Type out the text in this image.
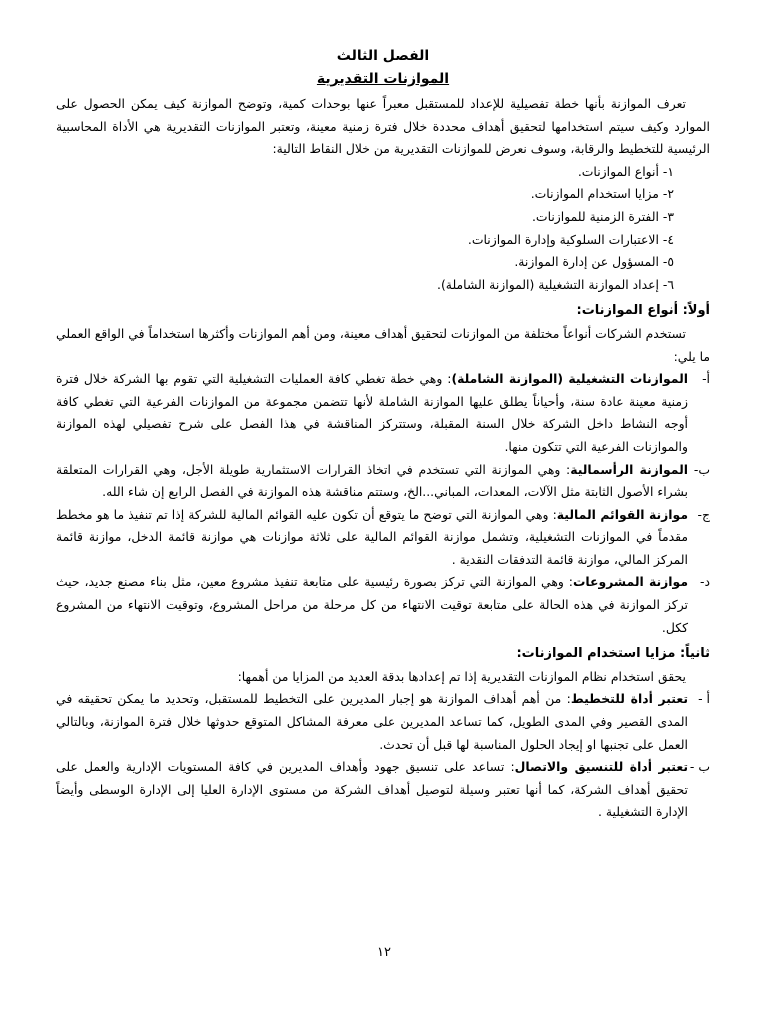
الفصل الثالث
الموازنات التقديرية

تعرف الموازنة بأنها خطة تفصيلية للإعداد للمستقبل معبراً عنها بوحدات كمية، وتوضح الموازنة كيف يمكن الحصول على الموارد وكيف سيتم استخدامها لتحقيق أهداف محددة خلال فترة زمنية معينة، وتعتبر الموازنات التقديرية هي الأداة المحاسبية الرئيسية للتخطيط والرقابة، وسوف نعرض للموازنات التقديرية من خلال النقاط التالية:

١- أنواع الموازنات.
٢- مزايا استخدام الموازنات.
٣- الفترة الزمنية للموازنات.
٤- الاعتبارات السلوكية وإدارة الموازنات.
٥- المسؤول عن إدارة الموازنة.
٦- إعداد الموازنة التشغيلية (الموازنة الشاملة).
أولاً: أنواع الموازنات:

تستخدم الشركات أنواعاً مختلفة من الموازنات لتحقيق أهداف معينة، ومن أهم الموازنات وأكثرها استخداماً في الواقع العملي ما يلي:

أ-
الموازنات التشغيلية (الموازنة الشاملة): وهي خطة تغطي كافة العمليات التشغيلية التي تقوم بها الشركة خلال فترة زمنية معينة عادة سنة، وأحياناً يطلق عليها الموازنة الشاملة لأنها تتضمن مجموعة من الموازنات الفرعية التي تغطي كافة أوجه النشاط داخل الشركة خلال السنة المقبلة، وستتركز المناقشة في هذا الفصل على شرح تفصيلي لهذه الموازنة والموازنات الفرعية التي تتكون منها.
ب-
الموازنة الرأسمالية: وهي الموازنة التي تستخدم في اتخاذ القرارات الاستثمارية طويلة الأجل، وهي القرارات المتعلقة بشراء الأصول الثابتة مثل الآلات، المعدات، المباني...الخ، وستتم مناقشة هذه الموازنة في الفصل الرابع إن شاء الله.
ج-
موازنة القوائم المالية: وهي الموازنة التي توضح ما يتوقع أن تكون عليه القوائم المالية للشركة إذا تم تنفيذ ما هو مخطط مقدماً في الموازنات التشغيلية، وتشمل موازنة القوائم المالية على ثلاثة موازنات هي موازنة قائمة الدخل، موازنة قائمة المركز المالي، موازنة قائمة التدفقات النقدية .
د-
موازنة المشروعات: وهي الموازنة التي تركز بصورة رئيسية على متابعة تنفيذ مشروع معين، مثل بناء مصنع جديد، حيث تركز الموازنة في هذه الحالة على متابعة توقيت الانتهاء من كل مرحلة من مراحل المشروع، وتوقيت الانتهاء من المشروع ككل.
ثانياً: مزايا استخدام الموازنات:

يحقق استخدام نظام الموازنات التقديرية إذا تم إعدادها بدقة العديد من المزايا من أهمها:

أ -
تعتبر أداة للتخطيط: من أهم أهداف الموازنة هو إجبار المديرين على التخطيط للمستقبل، وتحديد ما يمكن تحقيقه في المدى القصير وفي المدى الطويل، كما تساعد المديرين على معرفة المشاكل المتوقع حدوثها خلال فترة الموازنة، وبالتالي العمل على تجنبها او إيجاد الحلول المناسبة لها قبل أن تحدث.
ب -
تعتبر أداة للتنسيق والاتصال: تساعد على تنسيق جهود وأهداف المديرين في كافة المستويات الإدارية والعمل على تحقيق أهداف الشركة، كما أنها تعتبر وسيلة لتوصيل أهداف الشركة من مستوى الإدارة العليا إلى الإدارة الوسطى وأيضاً الإدارة التشغيلية .
١٢
